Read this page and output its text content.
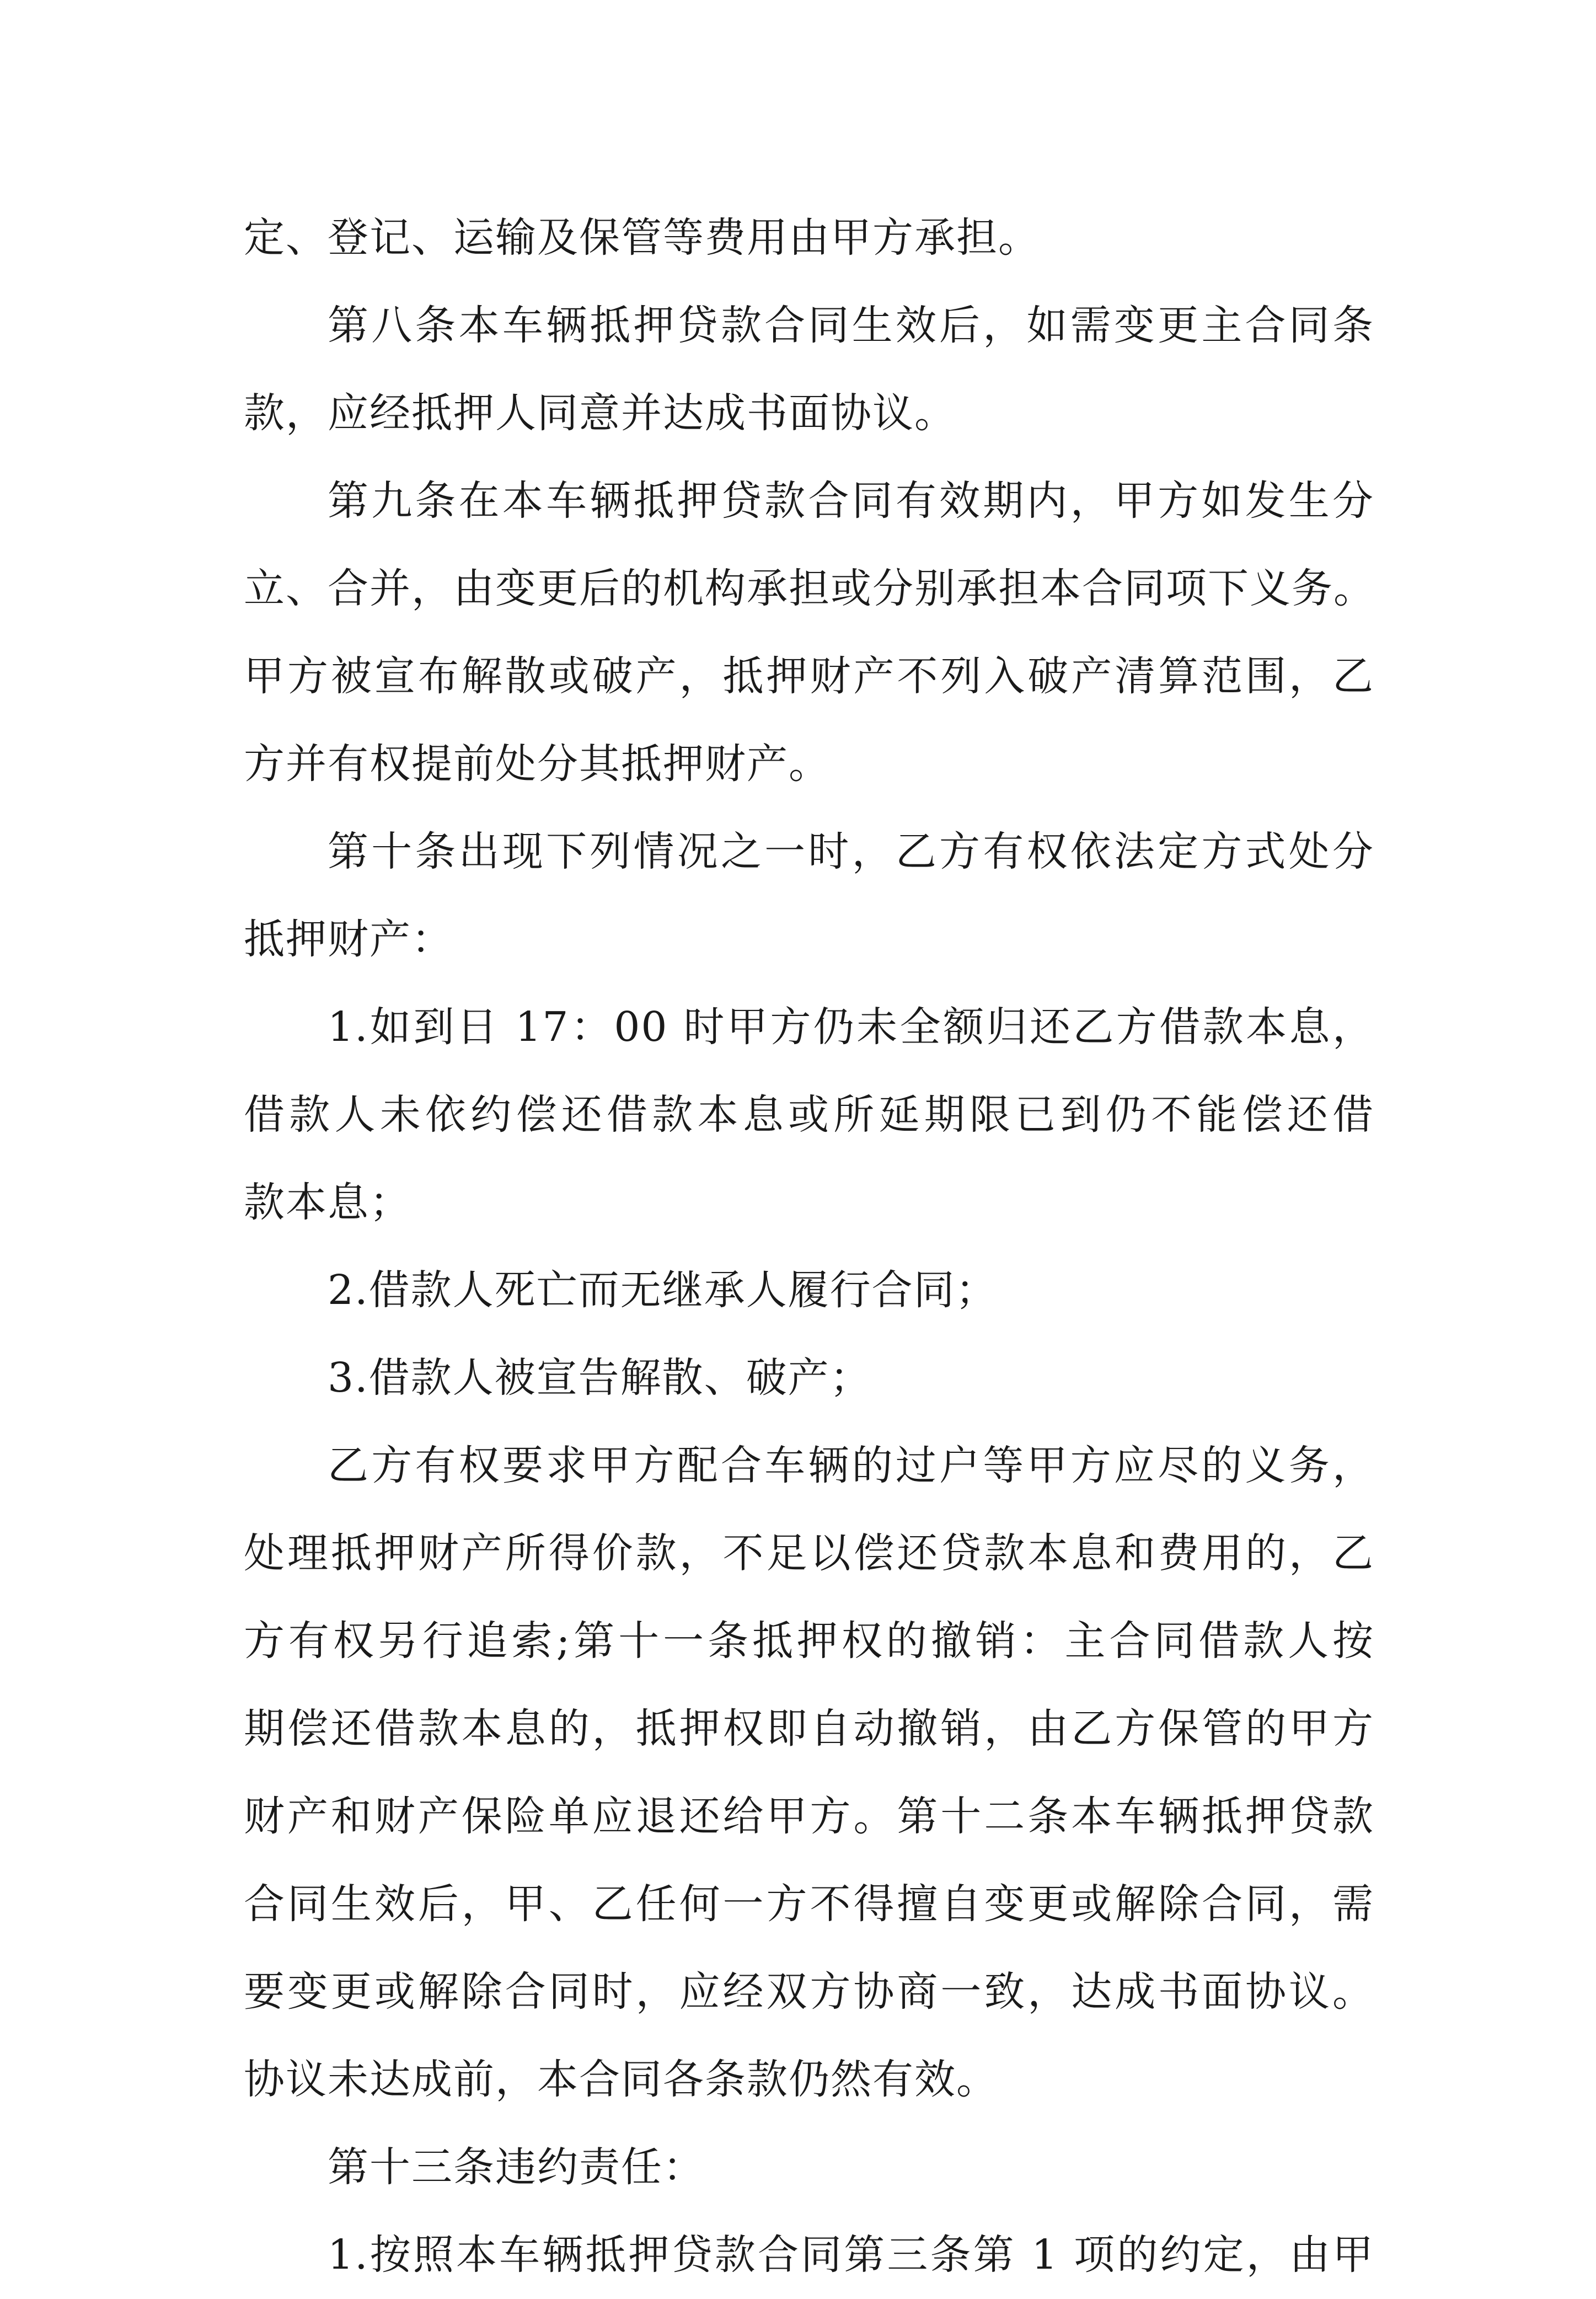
定、登记、运输及保管等费用由甲方承担。
第八条本车辆抵押贷款合同生效后，如需变更主合同条
款，应经抵押人同意并达成书面协议。
第九条在本车辆抵押贷款合同有效期内，甲方如发生分
立、合并，由变更后的机构承担或分别承担本合同项下义务。
甲方被宣布解散或破产，抵押财产不列入破产清算范围，乙
方并有权提前处分其抵押财产。
第十条出现下列情况之一时，乙方有权依法定方式处分
抵押财产：
1.如到日 17：00 时甲方仍未全额归还乙方借款本息，
借款人未依约偿还借款本息或所延期限已到仍不能偿还借
款本息；
2.借款人死亡而无继承人履行合同；
3.借款人被宣告解散、破产；
乙方有权要求甲方配合车辆的过户等甲方应尽的义务，
处理抵押财产所得价款，不足以偿还贷款本息和费用的，乙
方有权另行追索;第十一条抵押权的撤销：主合同借款人按
期偿还借款本息的，抵押权即自动撤销，由乙方保管的甲方
财产和财产保险单应退还给甲方。第十二条本车辆抵押贷款
合同生效后，甲、乙任何一方不得擅自变更或解除合同，需
要变更或解除合同时，应经双方协商一致，达成书面协议。
协议未达成前，本合同各条款仍然有效。
第十三条违约责任：
1.按照本车辆抵押贷款合同第三条第 1 项的约定，由甲
